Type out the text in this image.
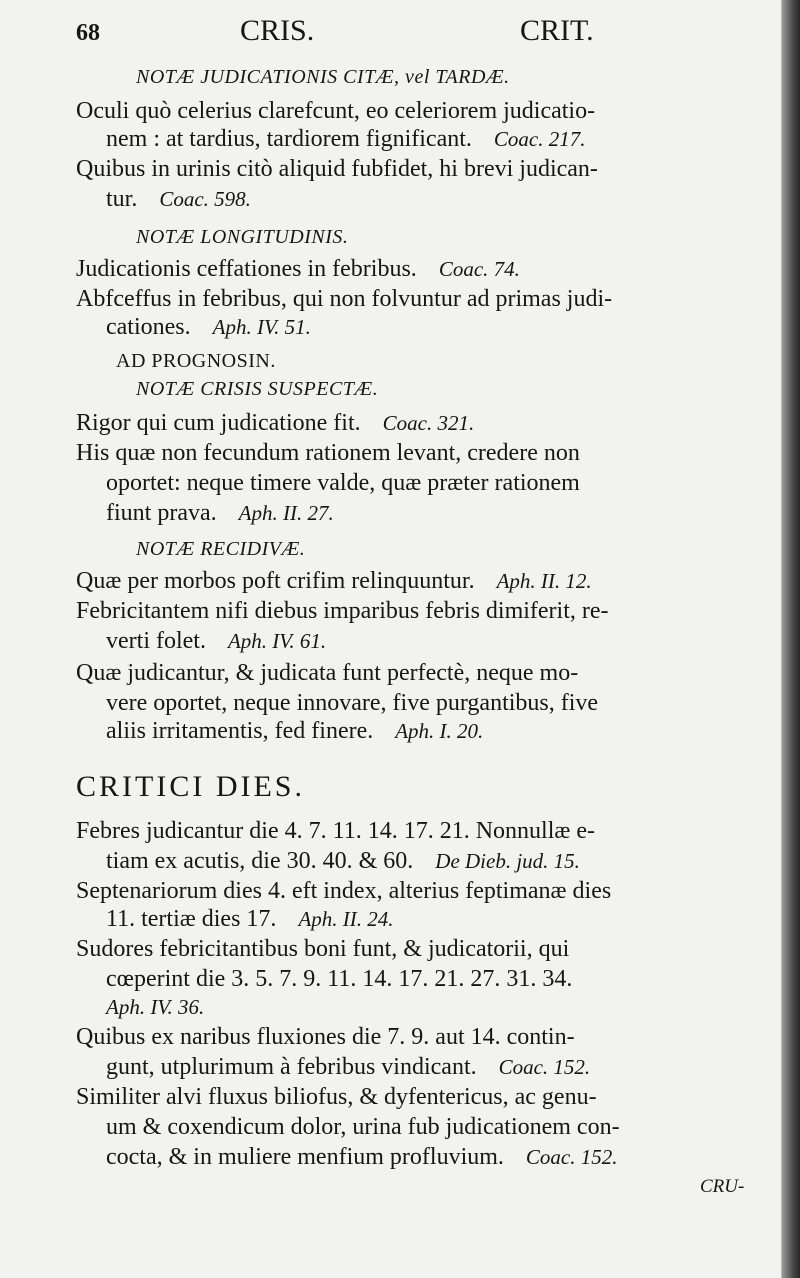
68	CRIS.	CRIT.
NOTÆ JUDICATIONIS CITÆ, vel TARDÆ.
Oculi quò celerius clarefcunt, eo celeriorem judicatio-
nem : at tardius, tardiorem fignificant. Coac. 217.
Quibus in urinis citò aliquid fubfidet, hi brevi judican-
tur. Coac. 598.
NOTÆ LONGITUDINIS.
Judicationis ceffationes in febribus. Coac. 74.
Abfceffus in febribus, qui non folvuntur ad primas judi-
cationes. Aph. IV. 51.
AD PROGNOSIN.
NOTÆ CRISIS SUSPECTÆ.
Rigor qui cum judicatione fit. Coac. 321.
His quæ non fecundum rationem levant, credere non
oportet: neque timere valde, quæ præter rationem
fiunt prava. Aph. II. 27.
NOTÆ RECIDIVÆ.
Quæ per morbos poft crifim relinquuntur. Aph. II. 12.
Febricitantem nifi diebus imparibus febris dimiferit, re-
verti folet. Aph. IV. 61.
Quæ judicantur, & judicata funt perfectè, neque mo-
vere oportet, neque innovare, five purgantibus, five
aliis irritamentis, fed finere. Aph. I. 20.
CRITICI DIES.
Febres judicantur die 4. 7. 11. 14. 17. 21. Nonnullæ e-
tiam ex acutis, die 30. 40. & 60. De Dieb. jud. 15.
Septenariorum dies 4. eft index, alterius feptimanæ dies
11. tertiæ dies 17. Aph. II. 24.
Sudores febricitantibus boni funt, & judicatorii, qui
cœperint die 3. 5. 7. 9. 11. 14. 17. 21. 27. 31. 34.
Aph. IV. 36.
Quibus ex naribus fluxiones die 7. 9. aut 14. contin-
gunt, utplurimum à febribus vindicant. Coac. 152.
Similiter alvi fluxus biliofus, & dyfentericus, ac genu-
um & coxendicum dolor, urina fub judicationem con-
cocta, & in muliere menfium profluvium. Coac. 152.
CRU-
